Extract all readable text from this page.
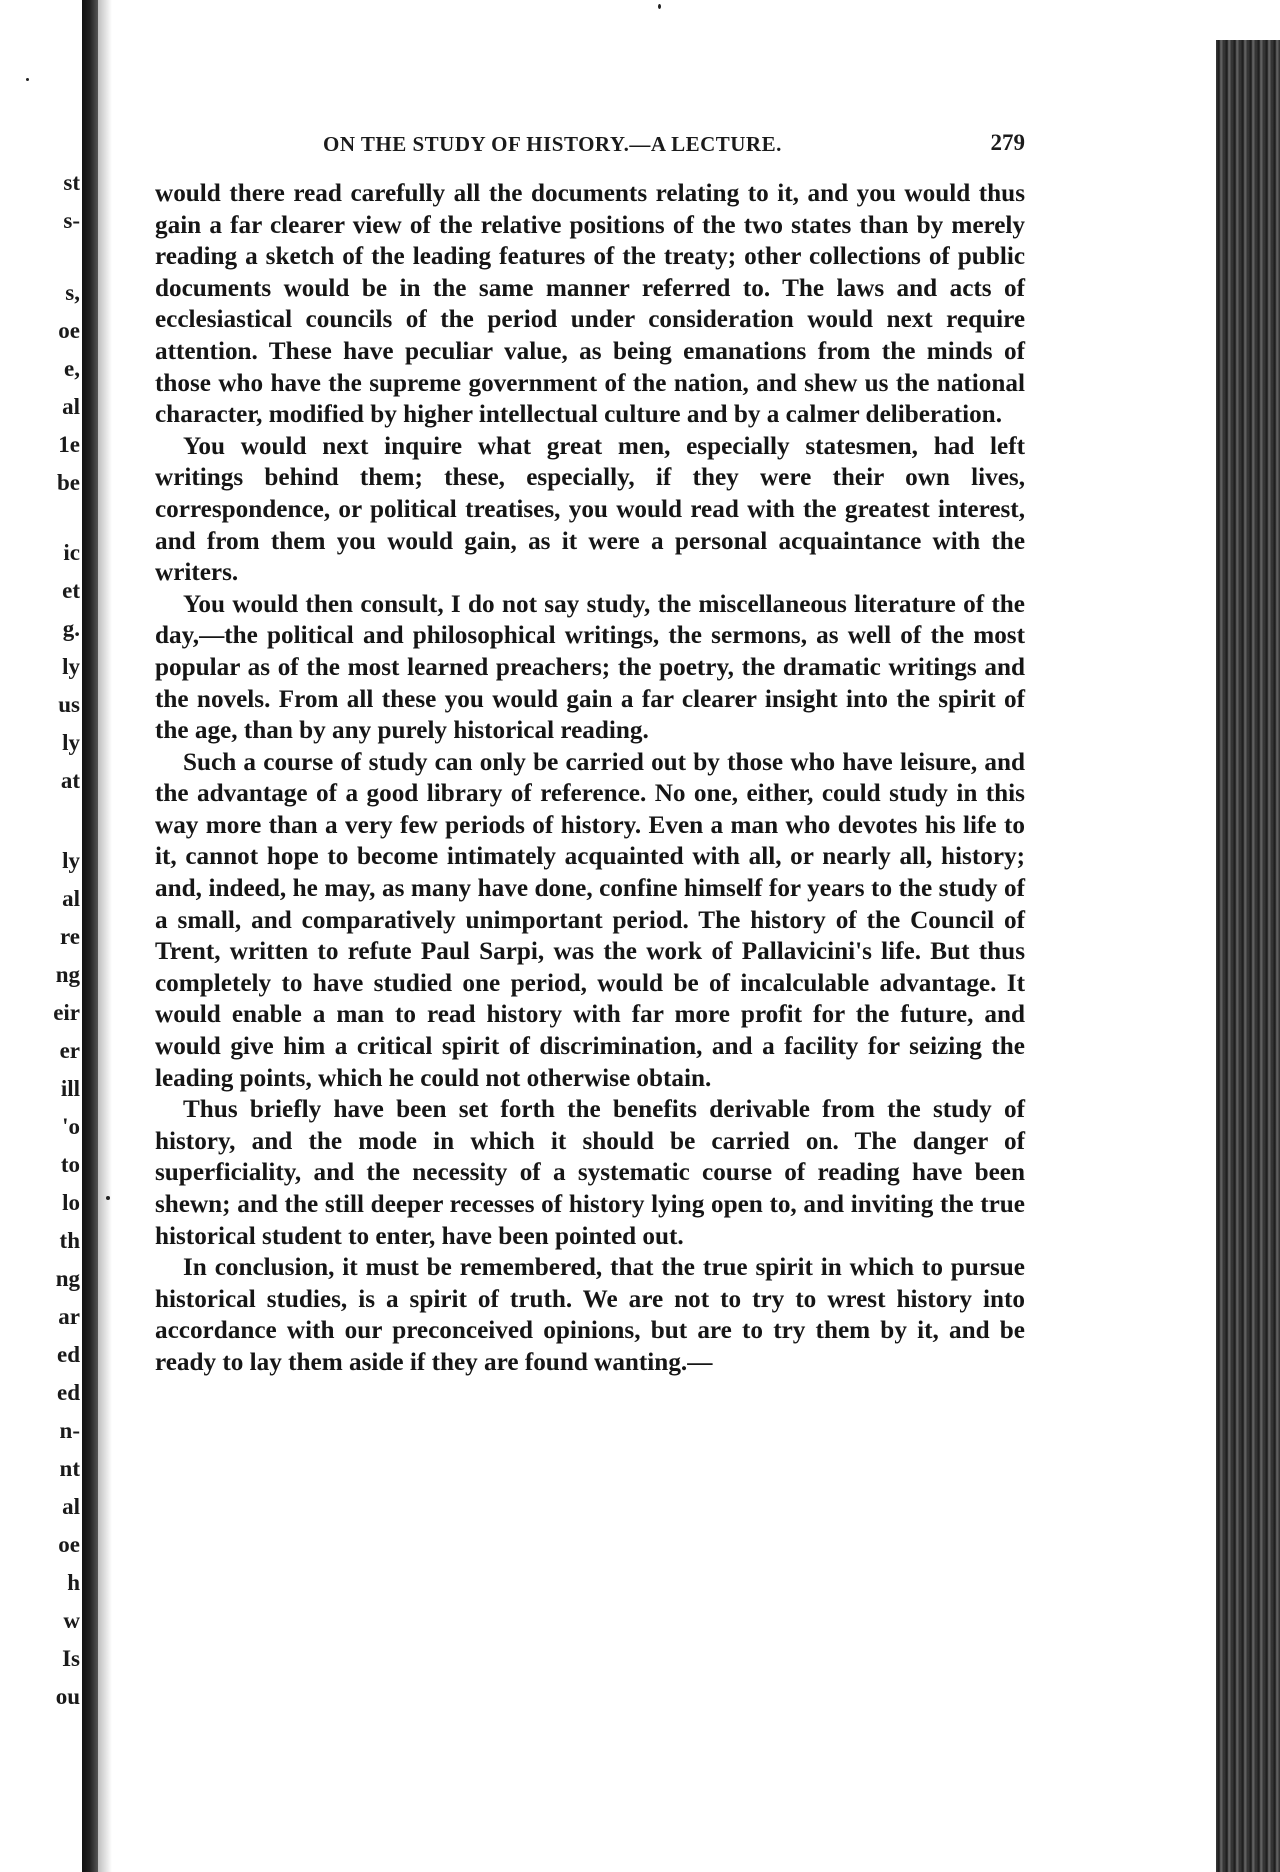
st
s-
s,
oe
e,
al
1e
be
ic
et
g.
ly
us
ly
at
ly
al
re
ng
eir
er
ill
'o
to
lo
th
ng
ar
ed
ed
n-
nt
al
oe
h
w
Is
ou
ON THE STUDY OF HISTORY.—A LECTURE.	279

would there read carefully all the documents relating to it, and you would thus gain a far clearer view of the relative positions of the two states than by merely reading a sketch of the leading features of the treaty; other collections of public documents would be in the same manner referred to. The laws and acts of ecclesiastical councils of the period under consideration would next require attention. These have peculiar value, as being emanations from the minds of those who have the supreme government of the nation, and shew us the national character, modified by higher intellectual culture and by a calmer deliberation.

You would next inquire what great men, especially statesmen, had left writings behind them; these, especially, if they were their own lives, correspondence, or political treatises, you would read with the greatest interest, and from them you would gain, as it were a personal acquaintance with the writers.

You would then consult, I do not say study, the miscellaneous literature of the day,—the political and philosophical writings, the sermons, as well of the most popular as of the most learned preachers; the poetry, the dramatic writings and the novels. From all these you would gain a far clearer insight into the spirit of the age, than by any purely historical reading.

Such a course of study can only be carried out by those who have leisure, and the advantage of a good library of reference. No one, either, could study in this way more than a very few periods of history. Even a man who devotes his life to it, cannot hope to become intimately acquainted with all, or nearly all, history; and, indeed, he may, as many have done, confine himself for years to the study of a small, and comparatively unimportant period. The history of the Council of Trent, written to refute Paul Sarpi, was the work of Pallavicini's life. But thus completely to have studied one period, would be of incalculable advantage. It would enable a man to read history with far more profit for the future, and would give him a critical spirit of discrimination, and a facility for seizing the leading points, which he could not otherwise obtain.

Thus briefly have been set forth the benefits derivable from the study of history, and the mode in which it should be carried on. The danger of superficiality, and the necessity of a systematic course of reading have been shewn; and the still deeper recesses of history lying open to, and inviting the true historical student to enter, have been pointed out.

In conclusion, it must be remembered, that the true spirit in which to pursue historical studies, is a spirit of truth. We are not to try to wrest history into accordance with our preconceived opinions, but are to try them by it, and be ready to lay them aside if they are found wanting.—
